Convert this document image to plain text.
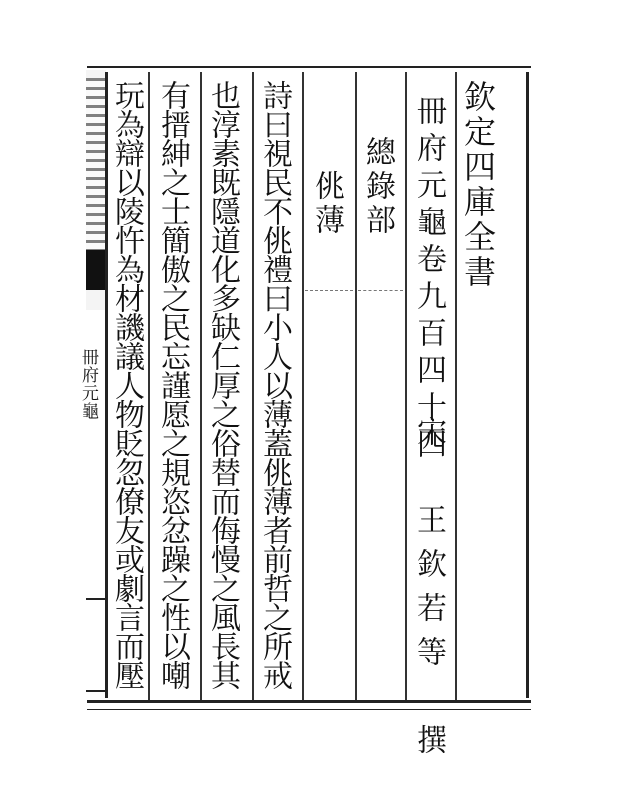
欽定四庫全書
冊府元龜卷九百四十四
宋　王欽若等　撰
總錄部
佻薄
詩曰視民不佻禮曰小人以薄蓋佻薄者前哲之所戒
也淳素既隱道化多缺仁厚之俗替而侮慢之風長其
有搢紳之士簡傲之民忘謹愿之規恣忿躁之性以嘲
玩為辯以陵忤為材譏議人物貶忽僚友或劇言而壓
冊府元龜
